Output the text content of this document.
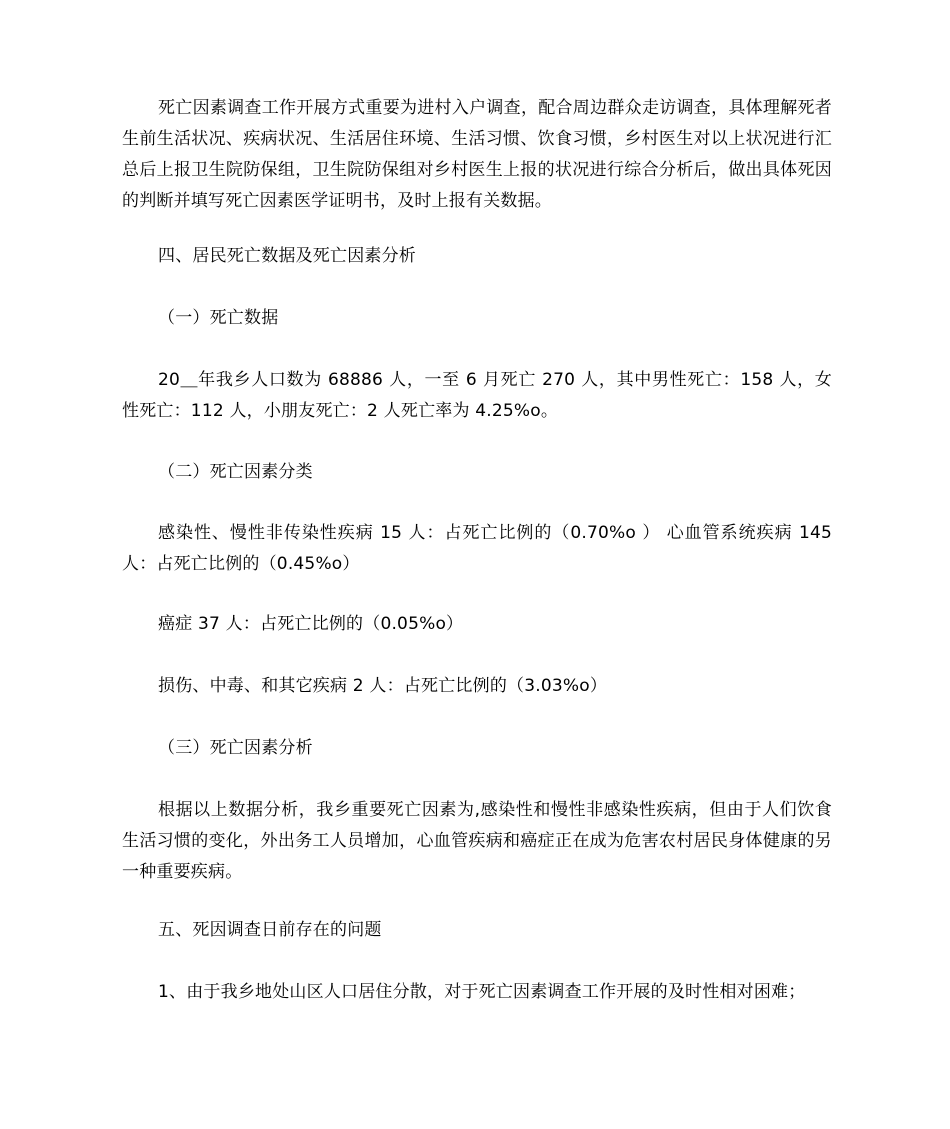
死亡因素调查工作开展方式重要为进村入户调查，配合周边群众走访调查，具体理解死者生前生活状况、疾病状况、生活居住环境、生活习惯、饮食习惯，乡村医生对以上状况进行汇总后上报卫生院防保组，卫生院防保组对乡村医生上报的状况进行综合分析后，做出具体死因的判断并填写死亡因素医学证明书，及时上报有关数据。

四、居民死亡数据及死亡因素分析

（一）死亡数据

20＿年我乡人口数为 68886 人，一至 6 月死亡 270 人，其中男性死亡：158 人，女性死亡：112 人，小朋友死亡：2 人死亡率为 4.25%o。

（二）死亡因素分类

感染性、慢性非传染性疾病 15 人：占死亡比例的（0.70%o ） 心血管系统疾病 145 人：占死亡比例的（0.45%o）

癌症 37 人：占死亡比例的（0.05%o）

损伤、中毒、和其它疾病 2 人：占死亡比例的（3.03%o）

（三）死亡因素分析

根据以上数据分析，我乡重要死亡因素为,感染性和慢性非感染性疾病，但由于人们饮食生活习惯的变化，外出务工人员增加，心血管疾病和癌症正在成为危害农村居民身体健康的另一种重要疾病。

五、死因调查日前存在的问题

1、由于我乡地处山区人口居住分散，对于死亡因素调查工作开展的及时性相对困难；
